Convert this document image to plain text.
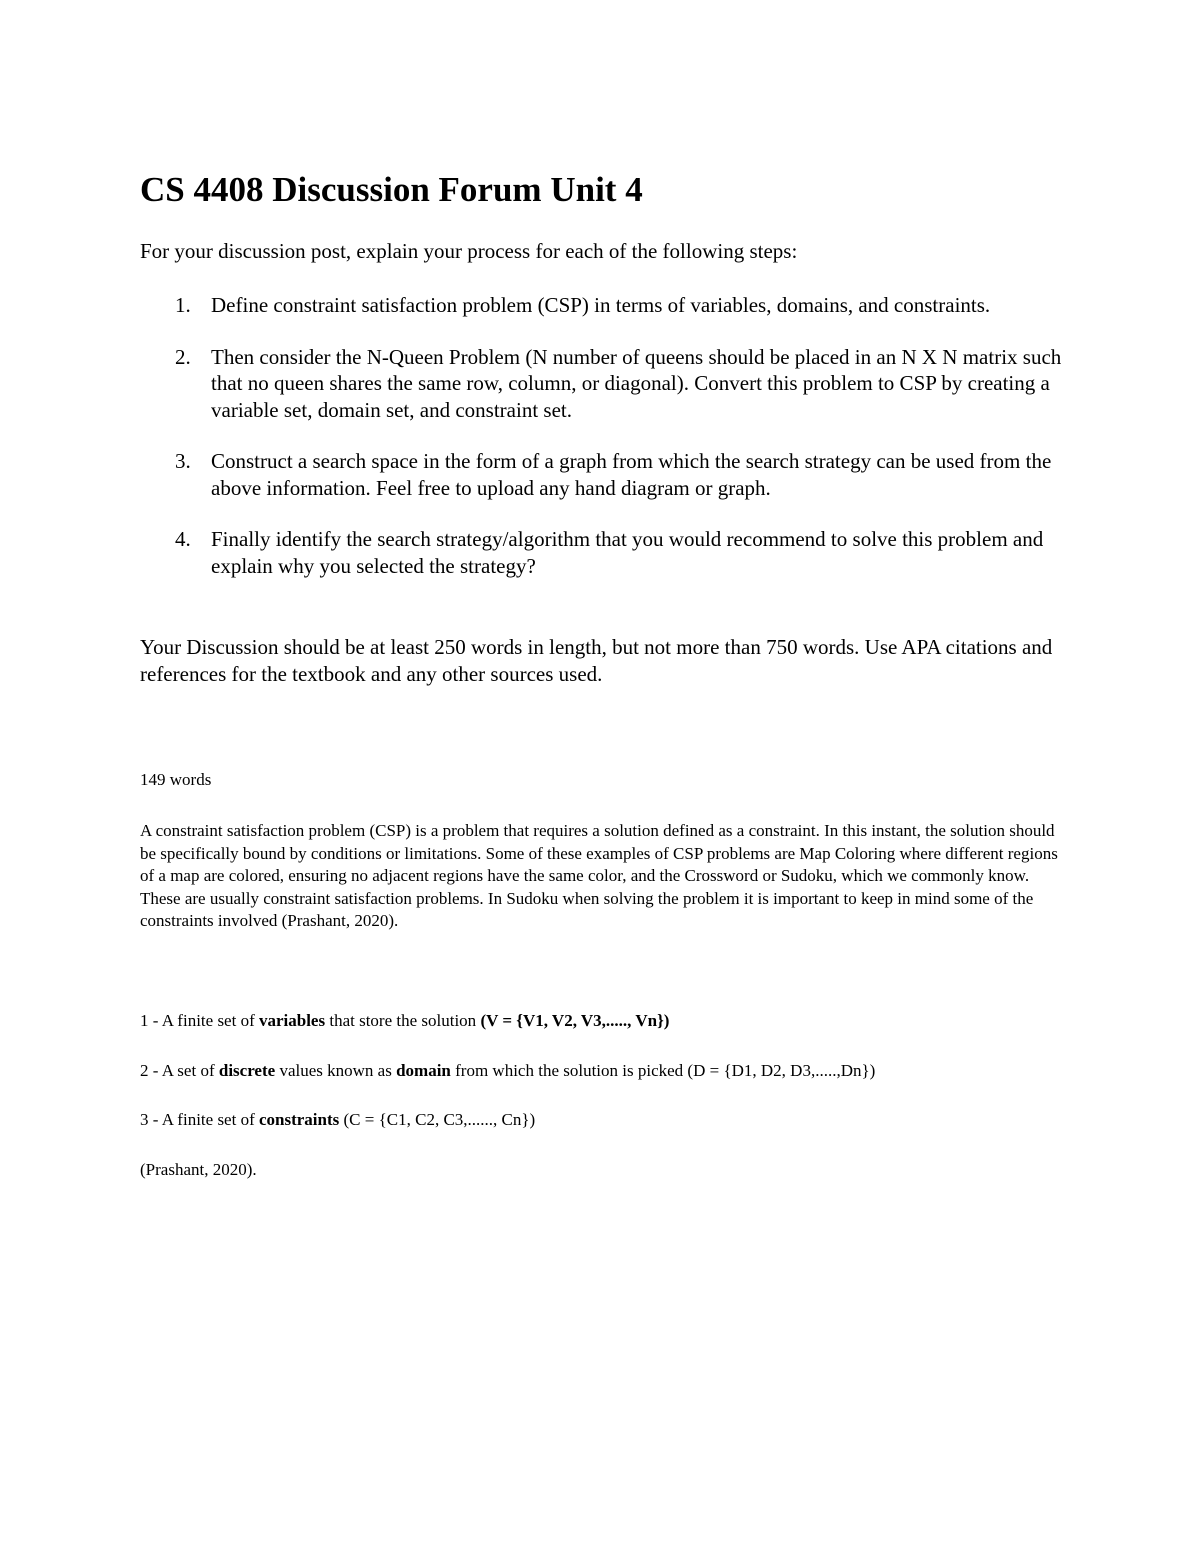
CS 4408 Discussion Forum Unit 4

For your discussion post, explain your process for each of the following steps:

1. Define constraint satisfaction problem (CSP) in terms of variables, domains, and constraints.
2. Then consider the N-Queen Problem (N number of queens should be placed in an N X N matrix such that no queen shares the same row, column, or diagonal). Convert this problem to CSP by creating a variable set, domain set, and constraint set.
3. Construct a search space in the form of a graph from which the search strategy can be used from the above information. Feel free to upload any hand diagram or graph.
4. Finally identify the search strategy/algorithm that you would recommend to solve this problem and explain why you selected the strategy?

Your Discussion should be at least 250 words in length, but not more than 750 words. Use APA citations and references for the textbook and any other sources used.

149 words

A constraint satisfaction problem (CSP) is a problem that requires a solution defined as a constraint. In this instant, the solution should be specifically bound by conditions or limitations. Some of these examples of CSP problems are Map Coloring where different regions of a map are colored, ensuring no adjacent regions have the same color, and the Crossword or Sudoku, which we commonly know. These are usually constraint satisfaction problems. In Sudoku when solving the problem it is important to keep in mind some of the constraints involved (Prashant, 2020).

1 - A finite set of variables that store the solution (V = {V1, V2, V3,....., Vn})

2 - A set of discrete values known as domain from which the solution is picked (D = {D1, D2, D3,.....,Dn})

3 - A finite set of constraints (C = {C1, C2, C3,......, Cn})

(Prashant, 2020).
